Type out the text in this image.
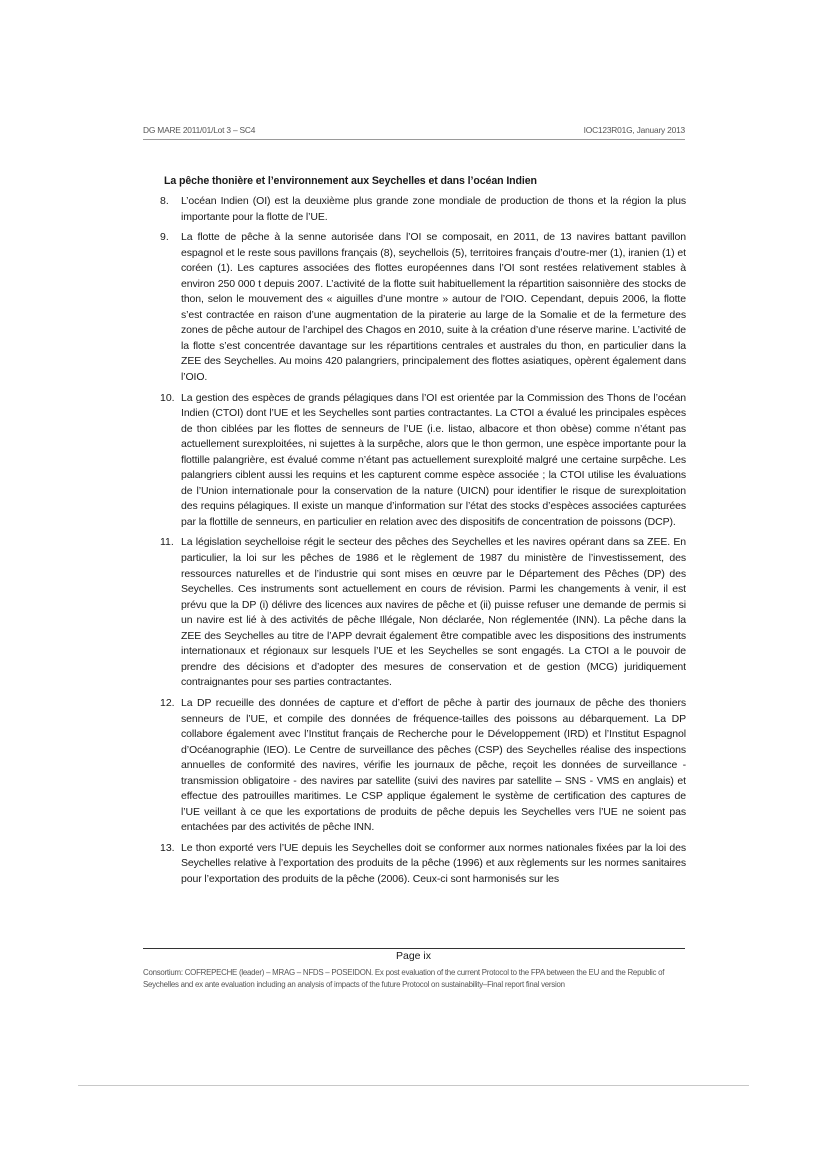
DG MARE 2011/01/Lot 3 – SC4	IOC123R01G, January 2013
La pêche thonière et l’environnement aux Seychelles et dans l’océan Indien
8. L’océan Indien (OI) est la deuxième plus grande zone mondiale de production de thons et la région la plus importante pour la flotte de l’UE.

9. La flotte de pêche à la senne autorisée dans l’OI se composait, en 2011, de 13 navires battant pavillon espagnol et le reste sous pavillons français (8), seychellois (5), territoires français d’outre-mer (1), iranien (1) et coréen (1). Les captures associées des flottes européennes dans l’OI sont restées relativement stables à environ 250 000 t depuis 2007. L’activité de la flotte suit habituellement la répartition saisonnière des stocks de thon, selon le mouvement des « aiguilles d’une montre » autour de l’OIO. Cependant, depuis 2006, la flotte s’est contractée en raison d’une augmentation de la piraterie au large de la Somalie et de la fermeture des zones de pêche autour de l’archipel des Chagos en 2010, suite à la création d’une réserve marine. L’activité de la flotte s’est concentrée davantage sur les répartitions centrales et australes du thon, en particulier dans la ZEE des Seychelles. Au moins 420 palangriers, principalement des flottes asiatiques, opèrent également dans l’OIO.

10. La gestion des espèces de grands pélagiques dans l’OI est orientée par la Commission des Thons de l’océan Indien (CTOI) dont l’UE et les Seychelles sont parties contractantes. La CTOI a évalué les principales espèces de thon ciblées par les flottes de senneurs de l’UE (i.e. listao, albacore et thon obèse) comme n’étant pas actuellement surexploitées, ni sujettes à la surpêche, alors que le thon germon, une espèce importante pour la flottille palangrière, est évalué comme n’étant pas actuellement surexploité malgré une certaine surpêche. Les palangriers ciblent aussi les requins et les capturent comme espèce associée ; la CTOI utilise les évaluations de l’Union internationale pour la conservation de la nature (UICN) pour identifier le risque de surexploitation des requins pélagiques. Il existe un manque d’information sur l’état des stocks d’espèces associées capturées par la flottille de senneurs, en particulier en relation avec des dispositifs de concentration de poissons (DCP).

11. La législation seychelloise régit le secteur des pêches des Seychelles et les navires opérant dans sa ZEE. En particulier, la loi sur les pêches de 1986 et le règlement de 1987 du ministère de l’investissement, des ressources naturelles et de l’industrie qui sont mises en œuvre par le Département des Pêches (DP) des Seychelles. Ces instruments sont actuellement en cours de révision. Parmi les changements à venir, il est prévu que la DP (i) délivre des licences aux navires de pêche et (ii) puisse refuser une demande de permis si un navire est lié à des activités de pêche Illégale, Non déclarée, Non réglementée (INN). La pêche dans la ZEE des Seychelles au titre de l’APP devrait également être compatible avec les dispositions des instruments internationaux et régionaux sur lesquels l’UE et les Seychelles se sont engagés. La CTOI a le pouvoir de prendre des décisions et d’adopter des mesures de conservation et de gestion (MCG) juridiquement contraignantes pour ses parties contractantes.

12. La DP recueille des données de capture et d’effort de pêche à partir des journaux de pêche des thoniers senneurs de l’UE, et compile des données de fréquence-tailles des poissons au débarquement. La DP collabore également avec l’Institut français de Recherche pour le Développement (IRD) et l’Institut Espagnol d’Océanographie (IEO). Le Centre de surveillance des pêches (CSP) des Seychelles réalise des inspections annuelles de conformité des navires, vérifie les journaux de pêche, reçoit les données de surveillance - transmission obligatoire - des navires par satellite (suivi des navires par satellite – SNS - VMS en anglais) et effectue des patrouilles maritimes. Le CSP applique également le système de certification des captures de l’UE veillant à ce que les exportations de produits de pêche depuis les Seychelles vers l’UE ne soient pas entachées par des activités de pêche INN.

13. Le thon exporté vers l’UE depuis les Seychelles doit se conformer aux normes nationales fixées par la loi des Seychelles relative à l’exportation des produits de la pêche (1996) et aux règlements sur les normes sanitaires pour l’exportation des produits de la pêche (2006). Ceux-ci sont harmonisés sur les

Page ix
Consortium: COFREPECHE (leader) – MRAG – NFDS – POSEIDON. Ex post evaluation of the current Protocol to the FPA between the EU and the Republic of Seychelles and ex ante evaluation including an analysis of impacts of the future Protocol on sustainability–Final report final version
